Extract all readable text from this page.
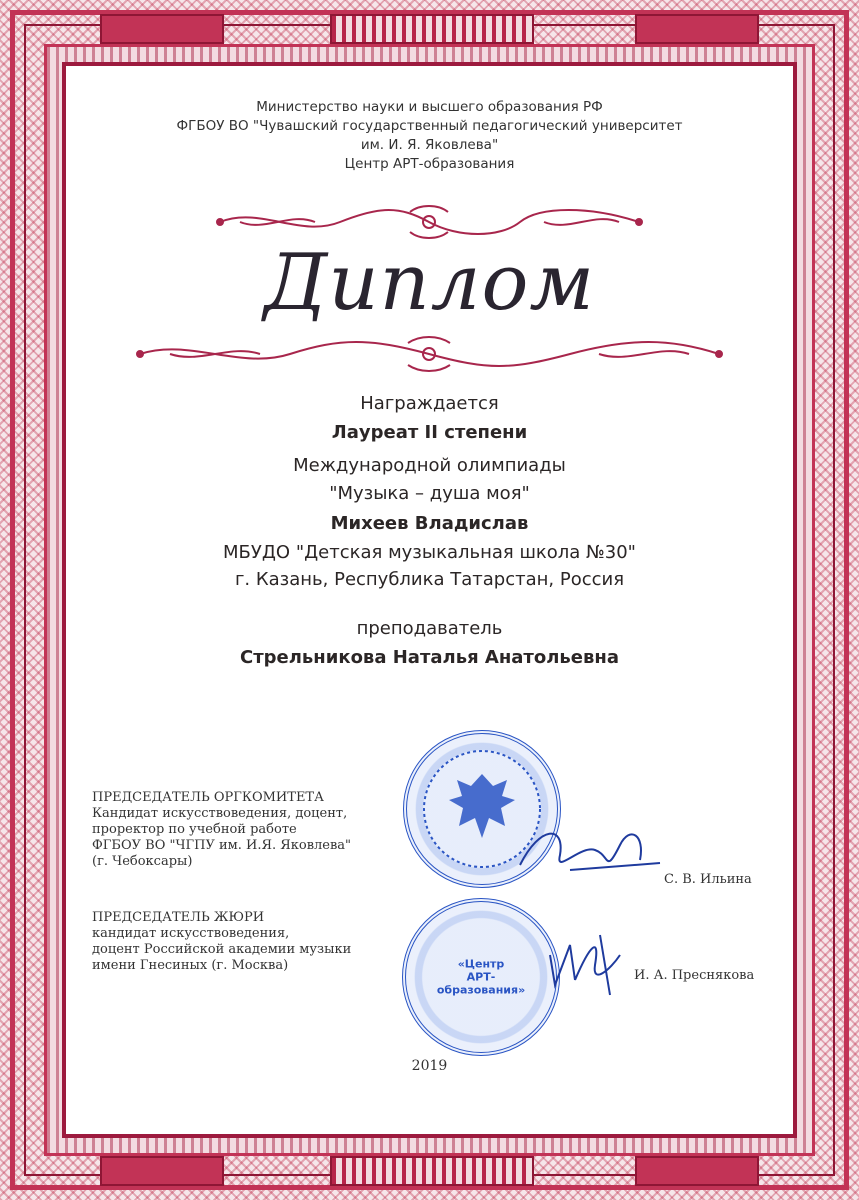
Министерство науки и высшего образования РФ
ФГБОУ ВО "Чувашский государственный педагогический университет
им. И. Я. Яковлева"
Центр АРТ-образования
Диплом
Награждается
Лауреат II степени
Международной олимпиады
"Музыка – душа моя"
Михеев Владислав
МБУДО "Детская музыкальная школа №30"
г. Казань, Республика Татарстан, Россия
преподаватель
Стрельникова Наталья Анатольевна
ПРЕДСЕДАТЕЛЬ ОРГКОМИТЕТА
Кандидат искусствоведения, доцент,
проректор по учебной работе
ФГБОУ ВО "ЧГПУ им. И.Я. Яковлева"
(г. Чебоксары)
С. В. Ильина
«Центр
АРТ-образования»
ПРЕДСЕДАТЕЛЬ ЖЮРИ
кандидат искусствоведения,
доцент Российской академии музыки
имени Гнесиных (г. Москва)
И. А. Преснякова
2019
